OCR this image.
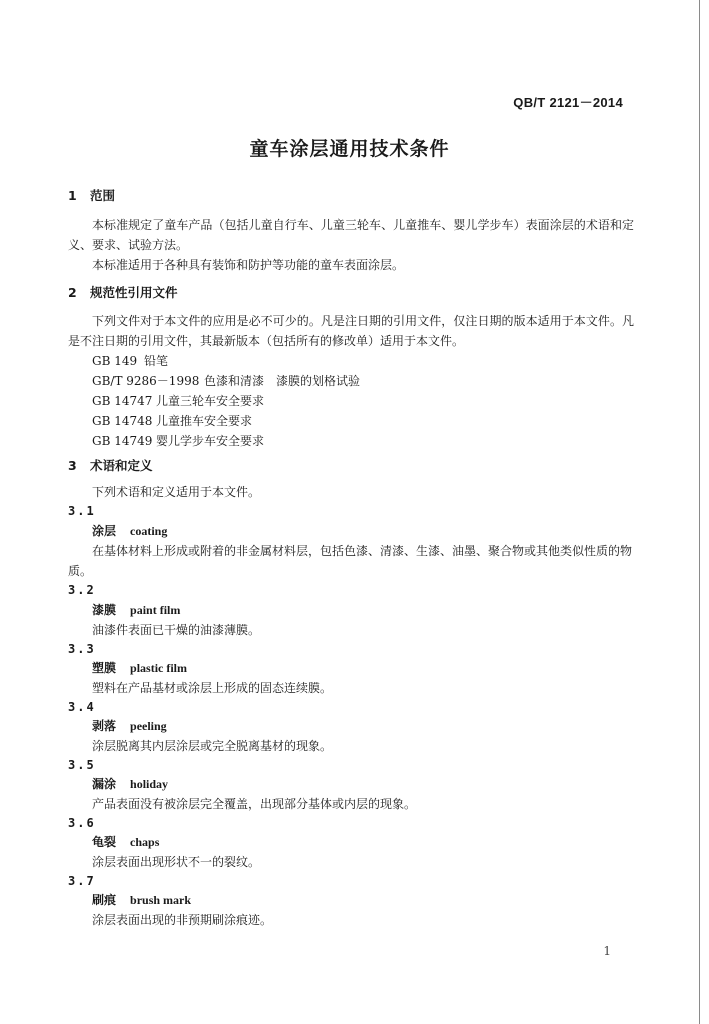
QB/T 2121－2014
童车涂层通用技术条件
1 范围
本标准规定了童车产品（包括儿童自行车、儿童三轮车、儿童推车、婴儿学步车）表面涂层的术语和定义、要求、试验方法。
本标准适用于各种具有装饰和防护等功能的童车表面涂层。
2 规范性引用文件
下列文件对于本文件的应用是必不可少的。凡是注日期的引用文件，仅注日期的版本适用于本文件。凡是不注日期的引用文件，其最新版本（包括所有的修改单）适用于本文件。
GB 149 铅笔
GB/T 9286－1998 色漆和清漆　漆膜的划格试验
GB 14747 儿童三轮车安全要求
GB 14748 儿童推车安全要求
GB 14749 婴儿学步车安全要求
3 术语和定义
下列术语和定义适用于本文件。
3.1
涂层 coating
在基体材料上形成或附着的非金属材料层，包括色漆、清漆、生漆、油墨、聚合物或其他类似性质的物质。
3.2
漆膜 paint film
油漆件表面已干燥的油漆薄膜。
3.3
塑膜 plastic film
塑料在产品基材或涂层上形成的固态连续膜。
3.4
剥落 peeling
涂层脱离其内层涂层或完全脱离基材的现象。
3.5
漏涂 holiday
产品表面没有被涂层完全覆盖，出现部分基体或内层的现象。
3.6
龟裂 chaps
涂层表面出现形状不一的裂纹。
3.7
刷痕 brush mark
涂层表面出现的非预期刷涂痕迹。
1
